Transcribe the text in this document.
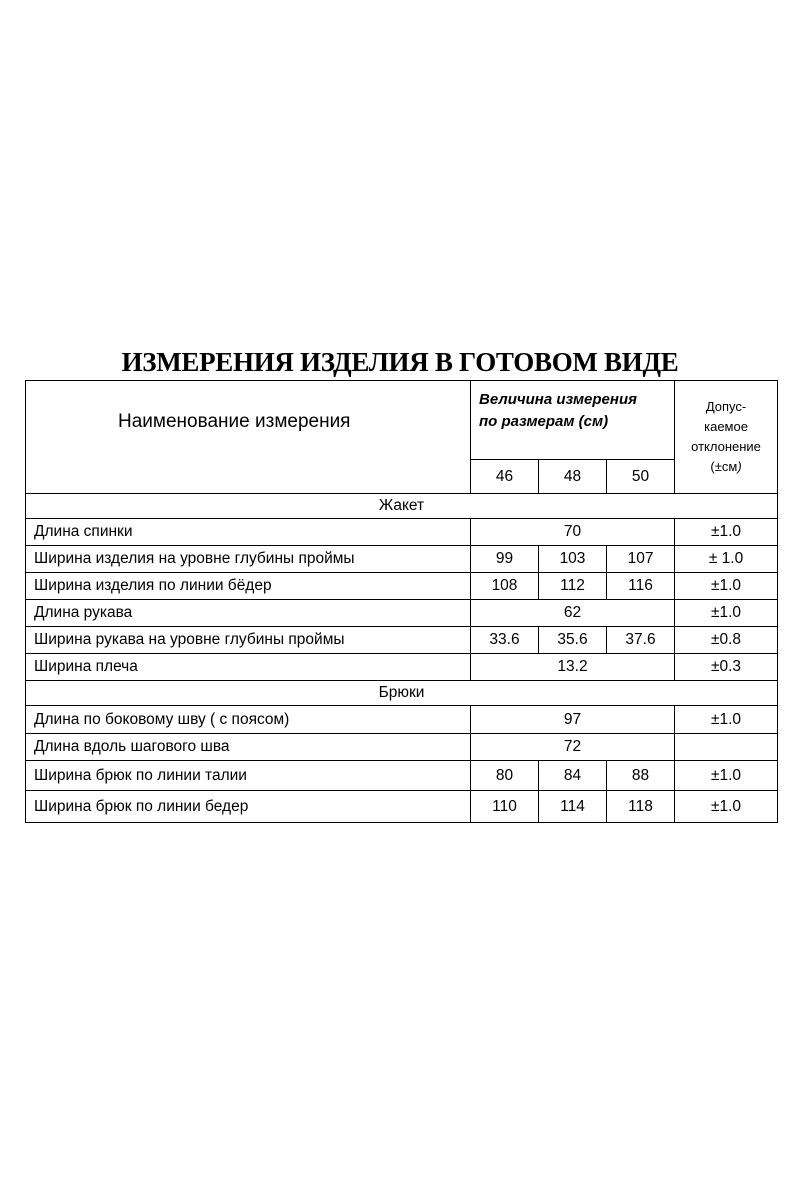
ИЗМЕРЕНИЯ ИЗДЕЛИЯ В ГОТОВОМ ВИДЕ
Наименование измерения	Величина измерения
по размерам (см)			Допус-
каемое
отклонение
(±см)
	46	48	50	
Жакет				
Длина спинки	70			±1.0
Ширина изделия на уровне глубины проймы	99	103	107	± 1.0
Ширина изделия по линии бёдер	108	112	116	±1.0
Длина рукава	62			±1.0
Ширина рукава на уровне глубины проймы	33.6	35.6	37.6	±0.8
Ширина плеча	13.2			±0.3
Брюки				
Длина по боковому шву ( с поясом)	97			±1.0
Длина вдоль шагового шва	72			
Ширина брюк по линии талии	80	84	88	±1.0
Ширина брюк по линии бедер	110	114	118	±1.0
